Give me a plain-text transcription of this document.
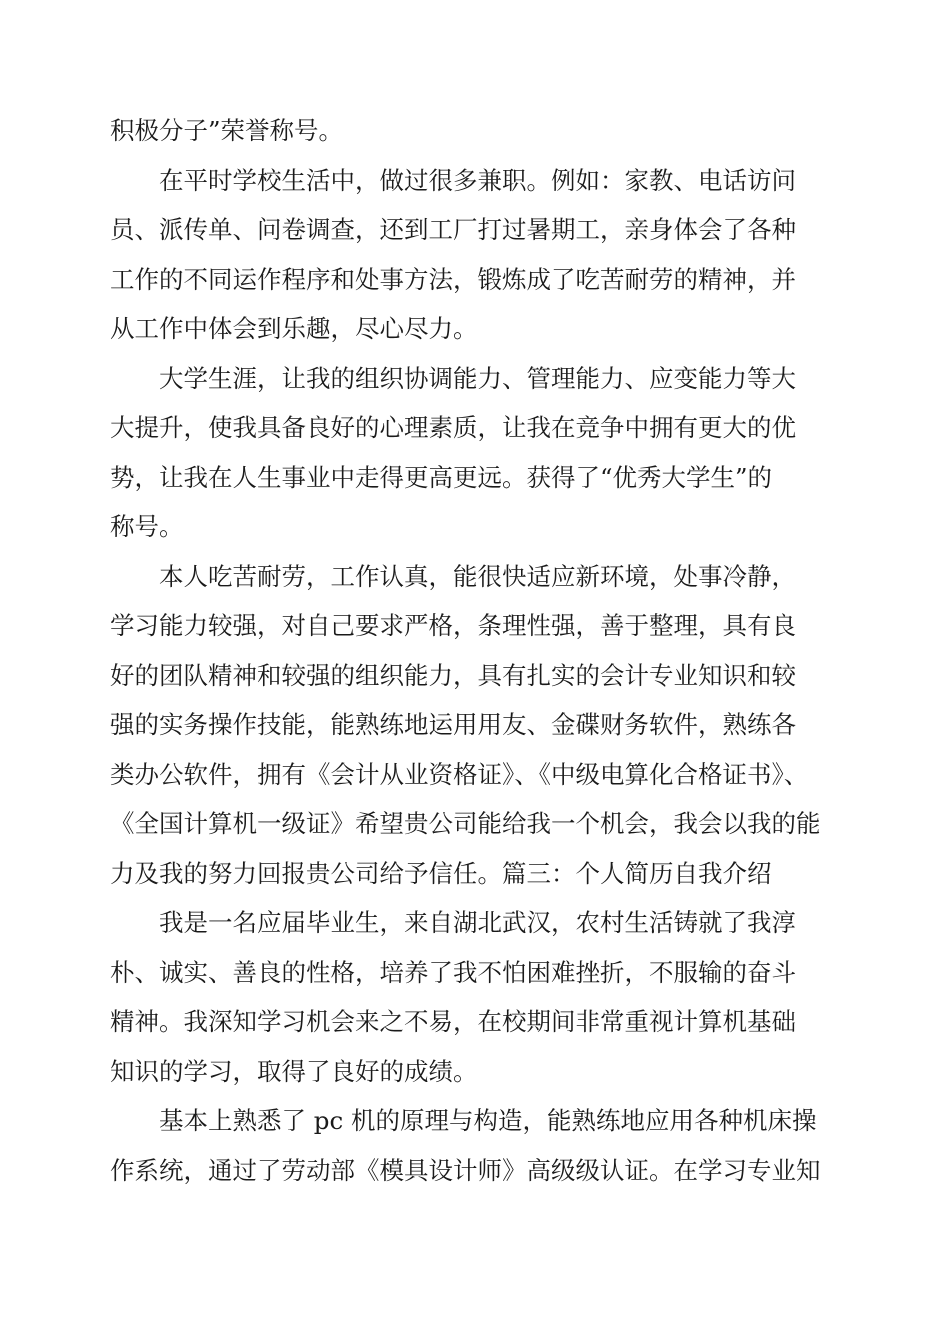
积极分子”荣誉称号。
在平时学校生活中，做过很多兼职。例如：家教、电话访问
员、派传单、问卷调查，还到工厂打过暑期工，亲身体会了各种
工作的不同运作程序和处事方法，锻炼成了吃苦耐劳的精神，并
从工作中体会到乐趣，尽心尽力。
大学生涯，让我的组织协调能力、管理能力、应变能力等大
大提升，使我具备良好的心理素质，让我在竞争中拥有更大的优
势，让我在人生事业中走得更高更远。获得了“优秀大学生”的
称号。
本人吃苦耐劳，工作认真，能很快适应新环境，处事冷静，
学习能力较强，对自己要求严格，条理性强，善于整理，具有良
好的团队精神和较强的组织能力，具有扎实的会计专业知识和较
强的实务操作技能，能熟练地运用用友、金碟财务软件，熟练各
类办公软件，拥有《会计从业资格证》、《中级电算化合格证书》、
《全国计算机一级证》希望贵公司能给我一个机会，我会以我的能
力及我的努力回报贵公司给予信任。篇三：个人简历自我介绍
我是一名应届毕业生，来自湖北武汉，农村生活铸就了我淳
朴、诚实、善良的性格，培养了我不怕困难挫折，不服输的奋斗
精神。我深知学习机会来之不易，在校期间非常重视计算机基础
知识的学习，取得了良好的成绩。
基本上熟悉了 pc 机的原理与构造，能熟练地应用各种机床操
作系统，通过了劳动部《模具设计师》高级级认证。在学习专业知
